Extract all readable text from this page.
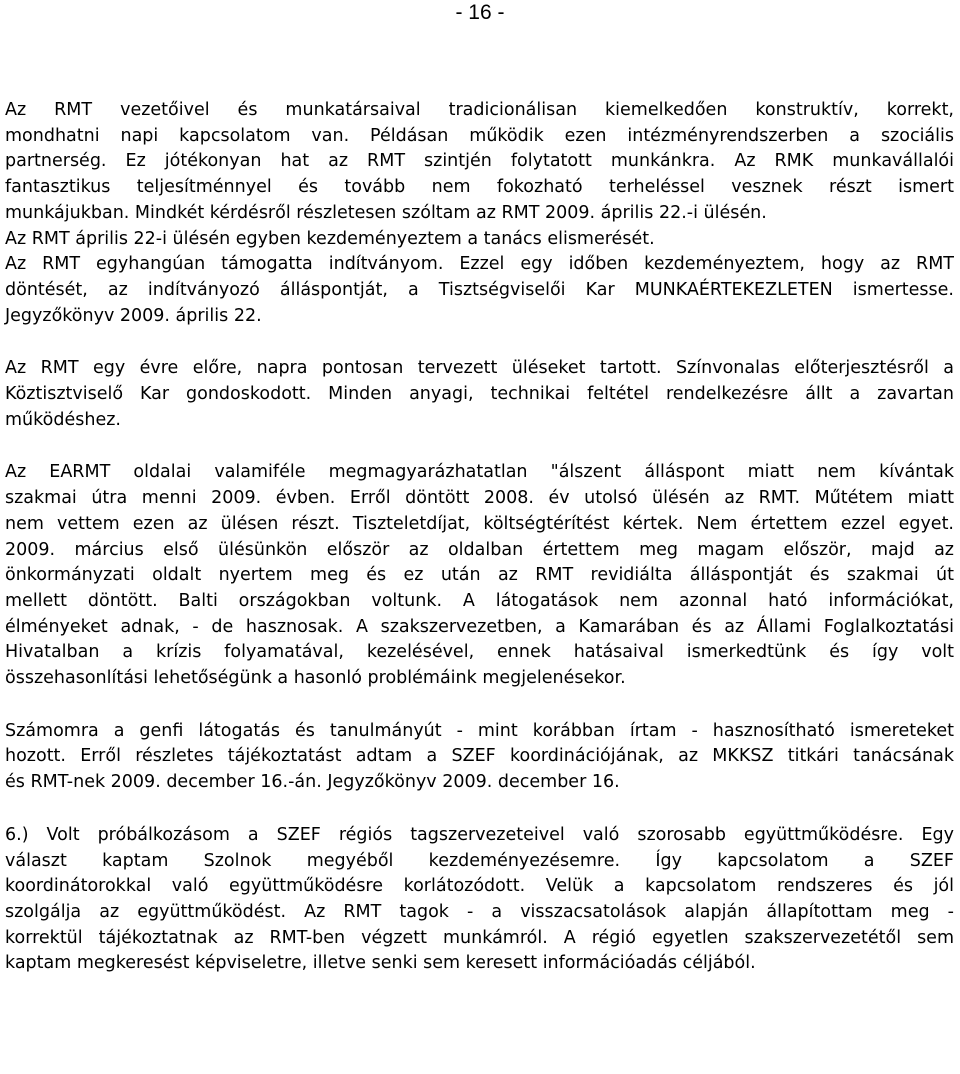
- 16 -

Az RMT vezetőivel és munkatársaival tradicionálisan kiemelkedően konstruktív, korrekt,
mondhatni napi kapcsolatom van. Példásan működik ezen intézményrendszerben a szociális
partnerség. Ez jótékonyan hat az RMT szintjén folytatott munkánkra. Az RMK munkavállalói
fantasztikus teljesítménnyel és tovább nem fokozható terheléssel vesznek részt ismert
munkájukban. Mindkét kérdésről részletesen szóltam az RMT 2009. április 22.-i ülésén.
Az RMT április 22-i ülésén egyben kezdeményeztem a tanács elismerését.
Az RMT egyhangúan támogatta indítványom. Ezzel egy időben kezdeményeztem, hogy az RMT
döntését, az indítványozó álláspontját, a Tisztségviselői Kar MUNKAÉRTEKEZLETEN ismertesse.
Jegyzőkönyv 2009. április 22.

Az RMT egy évre előre, napra pontosan tervezett üléseket tartott. Színvonalas előterjesztésről a
Köztisztviselő Kar gondoskodott. Minden anyagi, technikai feltétel rendelkezésre állt a zavartan
működéshez.

Az EARMT oldalai valamiféle megmagyarázhatatlan "álszent álláspont miatt nem kívántak
szakmai útra menni 2009. évben. Erről döntött 2008. év utolsó ülésén az RMT. Műtétem miatt
nem vettem ezen az ülésen részt. Tiszteletdíjat, költségtérítést kértek. Nem értettem ezzel egyet.
2009. március első ülésünkön először az oldalban értettem meg magam először, majd az
önkormányzati oldalt nyertem meg és ez után az RMT revidiálta álláspontját és szakmai út
mellett döntött. Balti országokban voltunk. A látogatások nem azonnal ható információkat,
élményeket adnak, - de hasznosak. A szakszervezetben, a Kamarában és az Állami Foglalkoztatási
Hivatalban a krízis folyamatával, kezelésével, ennek hatásaival ismerkedtünk és így volt
összehasonlítási lehetőségünk a hasonló problémáink megjelenésekor.

Számomra a genfi látogatás és tanulmányút - mint korábban írtam - hasznosítható ismereteket
hozott. Erről részletes tájékoztatást adtam a SZEF koordinációjának, az MKKSZ titkári tanácsának
és RMT-nek 2009. december 16.-án. Jegyzőkönyv 2009. december 16.

6.) Volt próbálkozásom a SZEF régiós tagszervezeteivel való szorosabb együttműködésre. Egy
választ kaptam Szolnok megyéből kezdeményezésemre. Így kapcsolatom a SZEF
koordinátorokkal való együttműködésre korlátozódott. Velük a kapcsolatom rendszeres és jól
szolgálja az együttműködést. Az RMT tagok - a visszacsatolások alapján állapítottam meg -
korrektül tájékoztatnak az RMT-ben végzett munkámról. A régió egyetlen szakszervezetétől sem
kaptam megkeresést képviseletre, illetve senki sem keresett információadás céljából.
